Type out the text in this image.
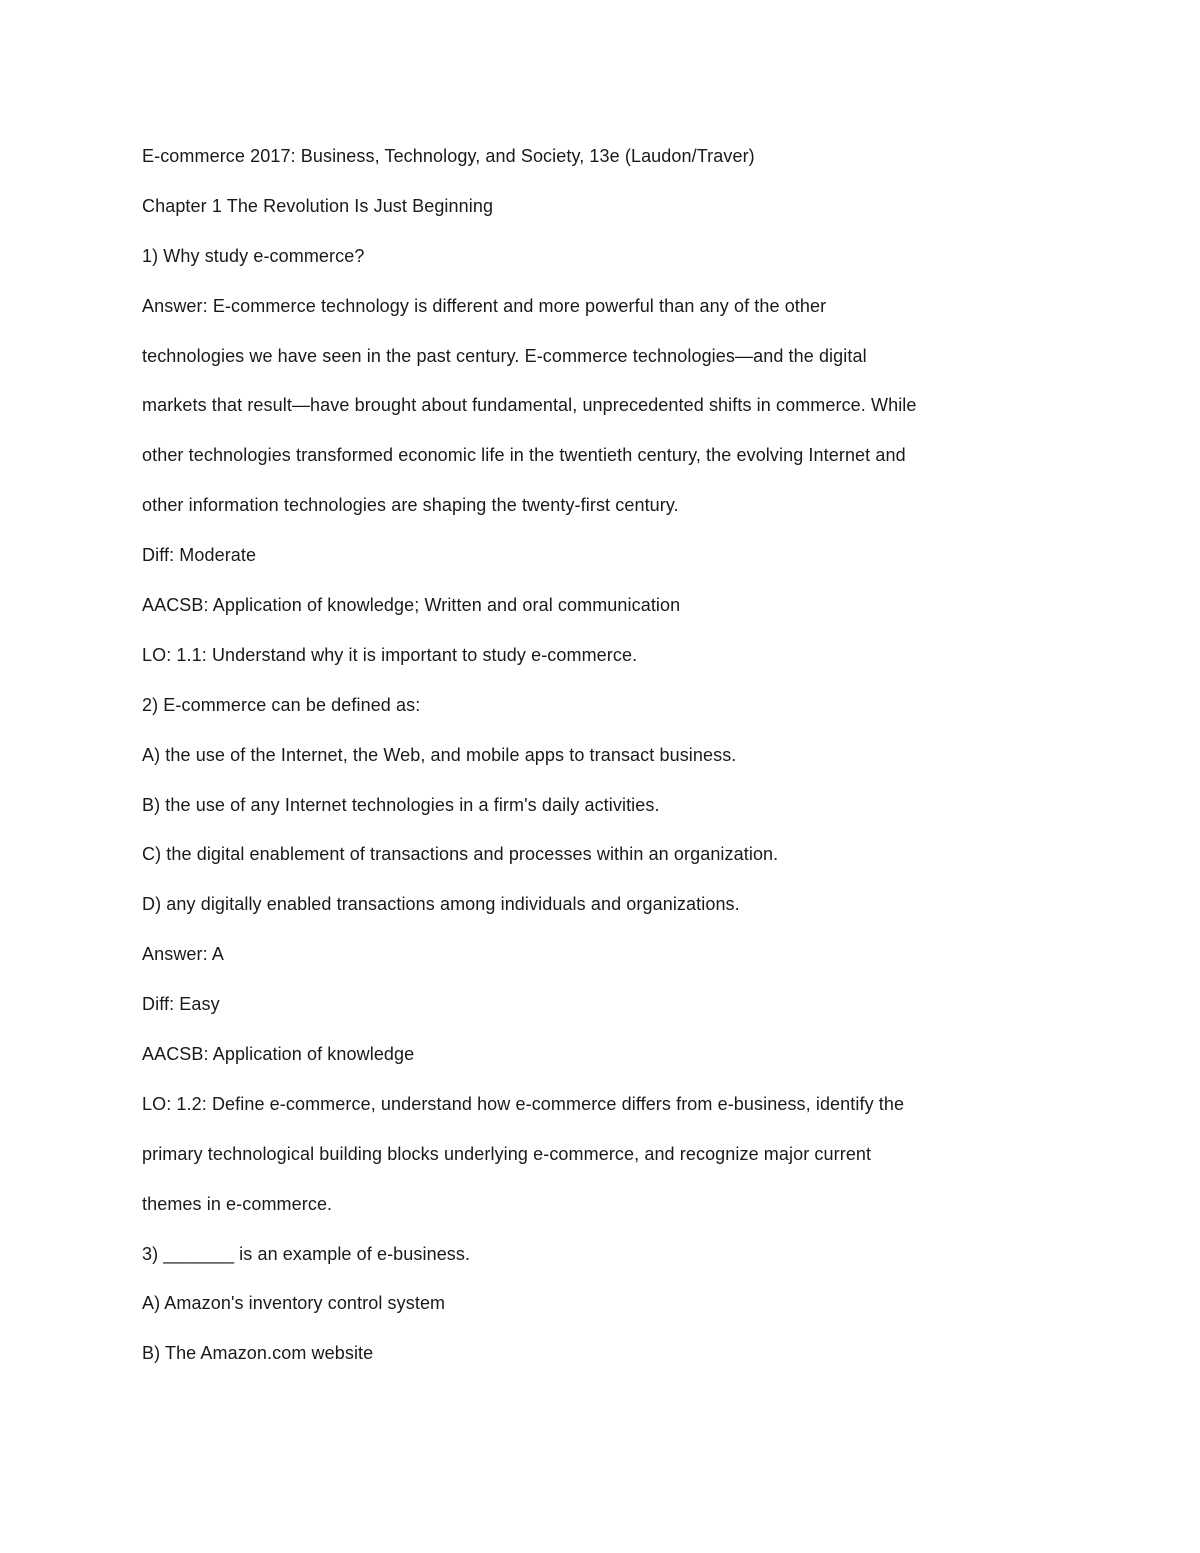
E-commerce 2017: Business, Technology, and Society, 13e (Laudon/Traver)
Chapter 1 The Revolution Is Just Beginning
1) Why study e-commerce?
Answer: E-commerce technology is different and more powerful than any of the other
technologies we have seen in the past century. E-commerce technologies—and the digital
markets that result—have brought about fundamental, unprecedented shifts in commerce. While
other technologies transformed economic life in the twentieth century, the evolving Internet and
other information technologies are shaping the twenty-first century.
Diff: Moderate
AACSB: Application of knowledge; Written and oral communication
LO: 1.1: Understand why it is important to study e-commerce.
2) E-commerce can be defined as:
A) the use of the Internet, the Web, and mobile apps to transact business.
B) the use of any Internet technologies in a firm's daily activities.
C) the digital enablement of transactions and processes within an organization.
D) any digitally enabled transactions among individuals and organizations.
Answer: A
Diff: Easy
AACSB: Application of knowledge
LO: 1.2: Define e-commerce, understand how e-commerce differs from e-business, identify the
primary technological building blocks underlying e-commerce, and recognize major current
themes in e-commerce.
3) _______ is an example of e-business.
A) Amazon's inventory control system
B) The Amazon.com website
